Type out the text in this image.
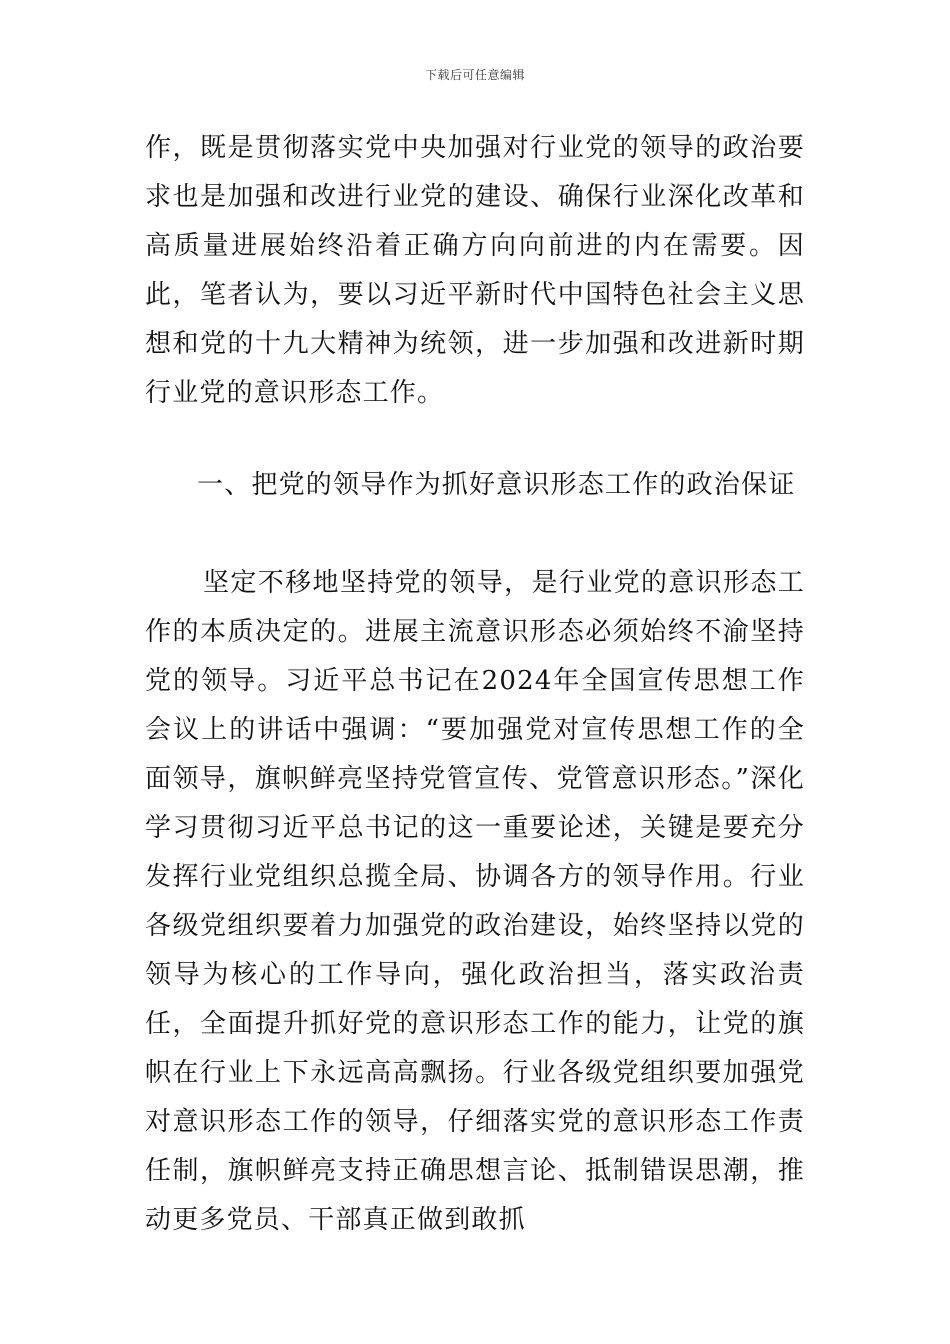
下载后可任意编辑

作，既是贯彻落实党中央加强对行业党的领导的政治要求也是加强和改进行业党的建设、确保行业深化改革和高质量进展始终沿着正确方向向前进的内在需要。因此，笔者认为，要以习近平新时代中国特色社会主义思想和党的十九大精神为统领，进一步加强和改进新时期行业党的意识形态工作。

一、把党的领导作为抓好意识形态工作的政治保证

坚定不移地坚持党的领导，是行业党的意识形态工作的本质决定的。进展主流意识形态必须始终不渝坚持党的领导。习近平总书记在2024年全国宣传思想工作会议上的讲话中强调：“要加强党对宣传思想工作的全面领导，旗帜鲜亮坚持党管宣传、党管意识形态。”深化学习贯彻习近平总书记的这一重要论述，关键是要充分发挥行业党组织总揽全局、协调各方的领导作用。行业各级党组织要着力加强党的政治建设，始终坚持以党的领导为核心的工作导向，强化政治担当，落实政治责任，全面提升抓好党的意识形态工作的能力，让党的旗帜在行业上下永远高高飘扬。行业各级党组织要加强党对意识形态工作的领导，仔细落实党的意识形态工作责任制，旗帜鲜亮支持正确思想言论、抵制错误思潮，推动更多党员、干部真正做到敢抓
